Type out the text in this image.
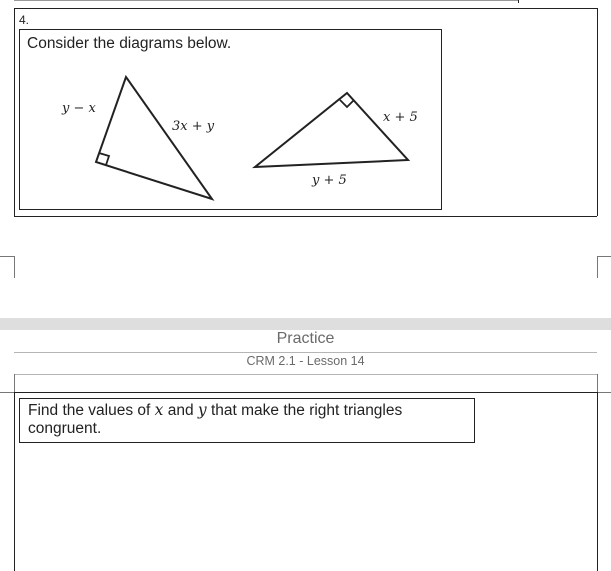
4.
Consider the diagrams below.
y − x
3x + y
x + 5
y + 5
Practice
CRM 2.1 - Lesson 14
Find the values of x and y that make the right triangles congruent.
